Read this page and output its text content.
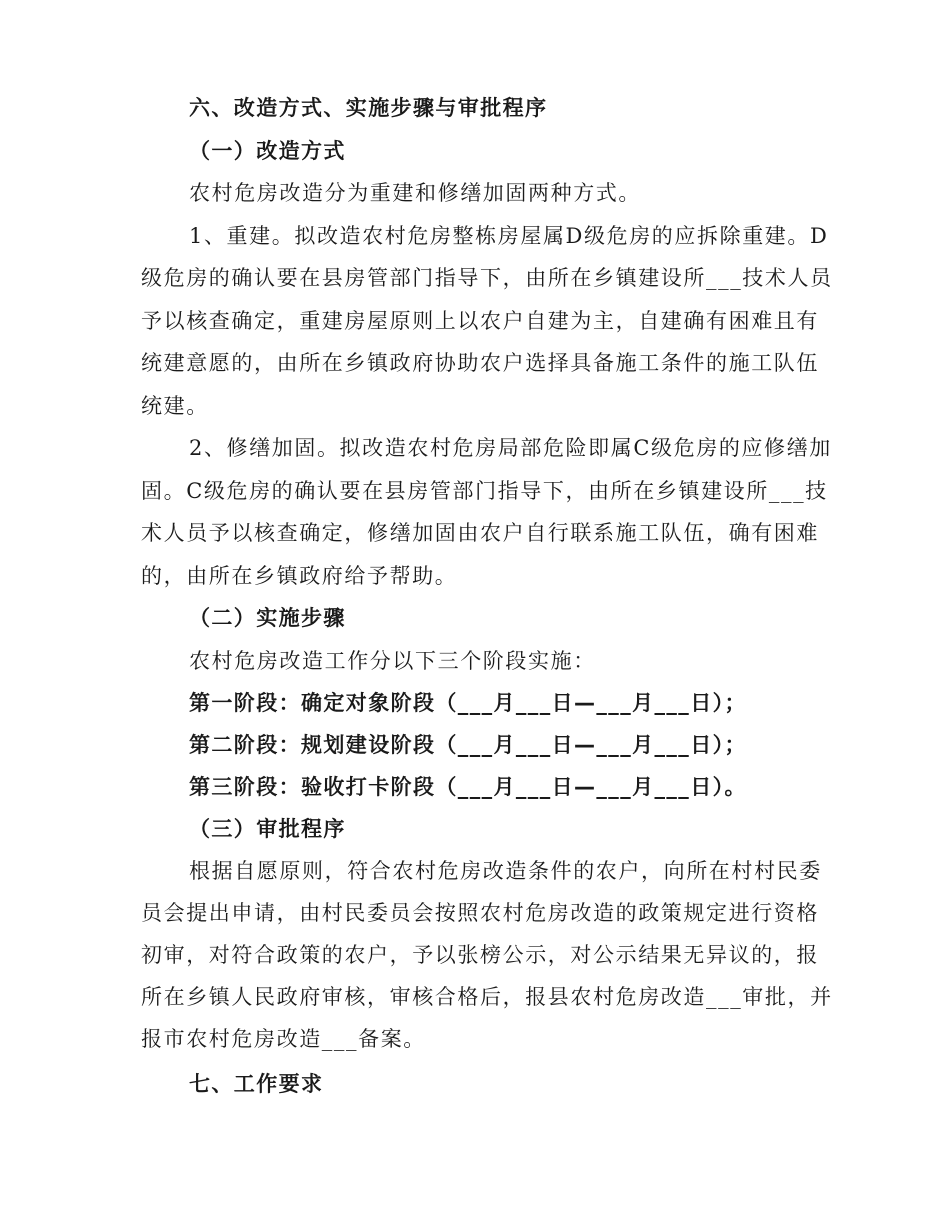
六、改造方式、实施步骤与审批程序
（一）改造方式
农村危房改造分为重建和修缮加固两种方式。
1、重建。拟改造农村危房整栋房屋属D级危房的应拆除重建。D
级危房的确认要在县房管部门指导下，由所在乡镇建设所___技术人员
予以核查确定，重建房屋原则上以农户自建为主，自建确有困难且有
统建意愿的，由所在乡镇政府协助农户选择具备施工条件的施工队伍
统建。
2、修缮加固。拟改造农村危房局部危险即属C级危房的应修缮加
固。C级危房的确认要在县房管部门指导下，由所在乡镇建设所___技
术人员予以核查确定，修缮加固由农户自行联系施工队伍，确有困难
的，由所在乡镇政府给予帮助。
（二）实施步骤
农村危房改造工作分以下三个阶段实施：
第一阶段：确定对象阶段（___月___日—___月___日）；
第二阶段：规划建设阶段（___月___日—___月___日）；
第三阶段：验收打卡阶段（___月___日—___月___日）。
（三）审批程序
根据自愿原则，符合农村危房改造条件的农户，向所在村村民委
员会提出申请，由村民委员会按照农村危房改造的政策规定进行资格
初审，对符合政策的农户，予以张榜公示，对公示结果无异议的，报
所在乡镇人民政府审核，审核合格后，报县农村危房改造___审批，并
报市农村危房改造___备案。
七、工作要求
